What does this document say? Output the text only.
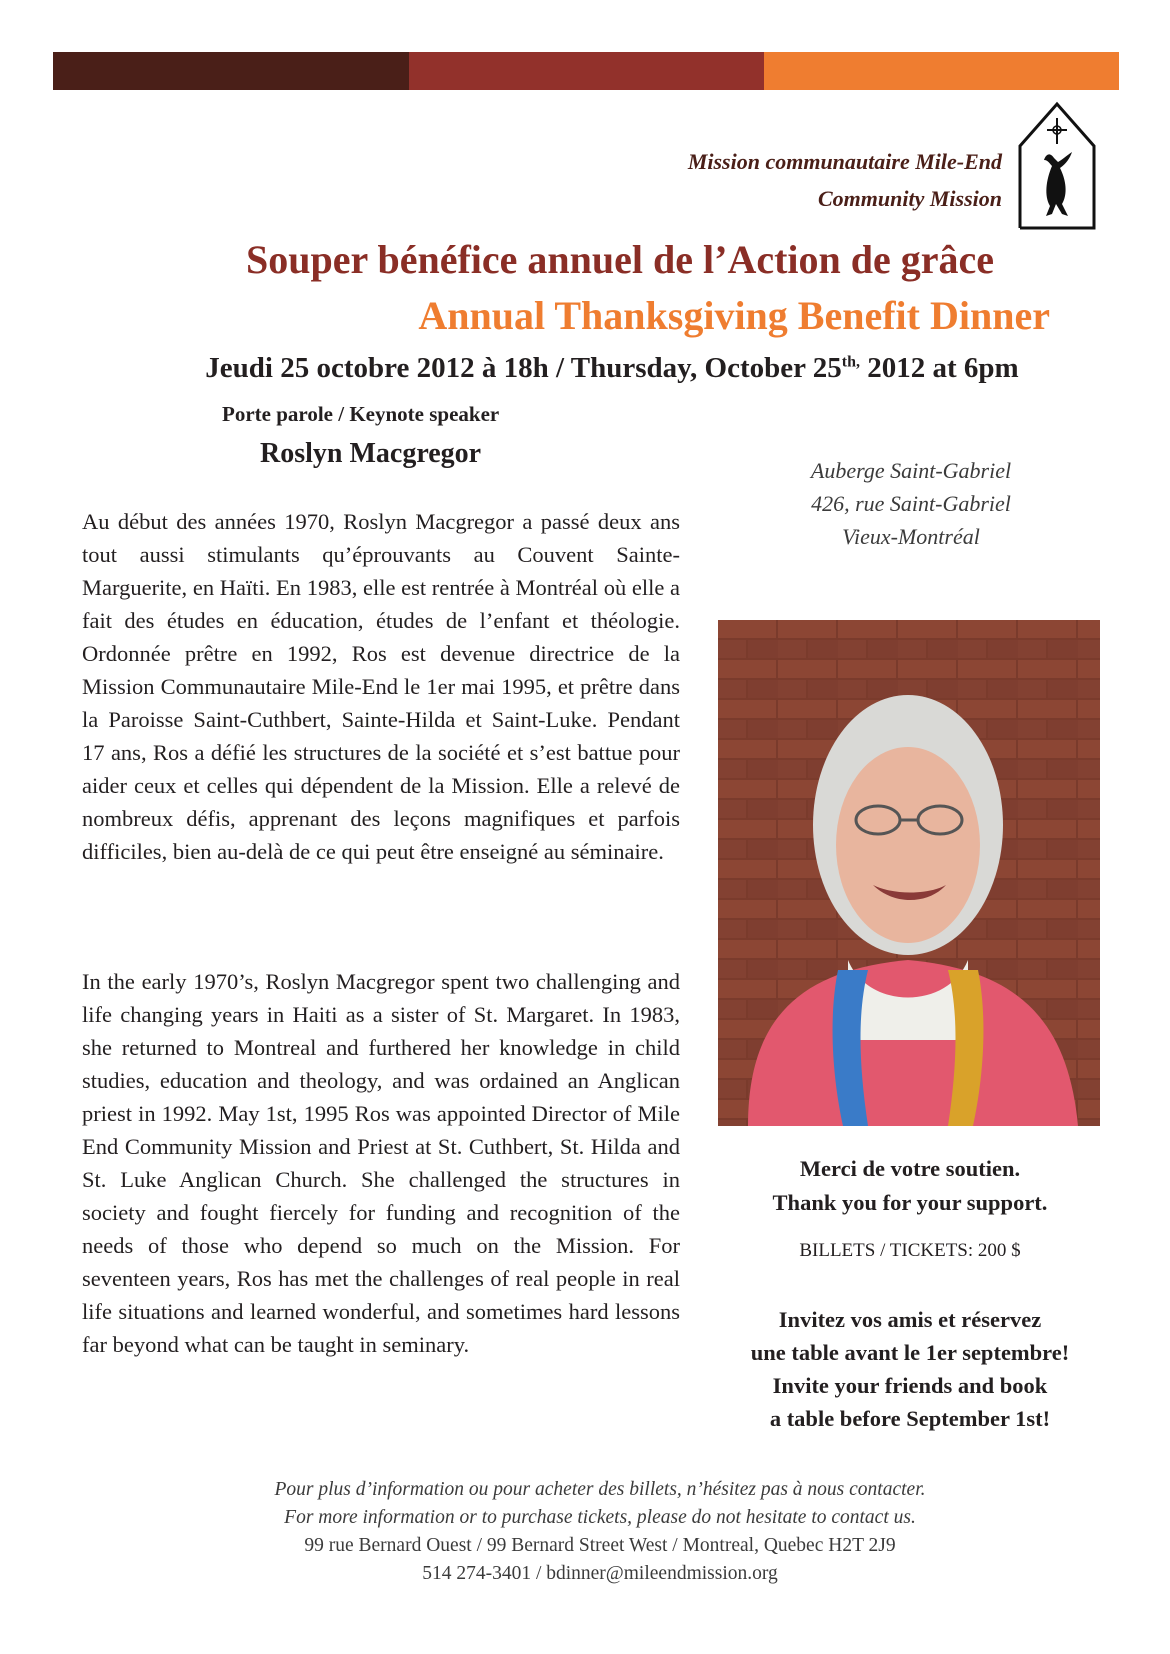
Mission communautaire Mile-End
Community Mission
Souper bénéfice annuel de l’Action de grâce
Annual Thanksgiving Benefit Dinner
Jeudi 25 octobre 2012 à 18h / Thursday, October $25^{th,}$ 2012 at 6pm
Porte parole / Keynote speaker
Roslyn Macgregor
Auberge Saint-Gabriel
426, rue Saint-Gabriel
Vieux-Montréal
Au début des années 1970, Roslyn Macgregor a passé deux ans tout aussi stimulants qu’éprouvants au Couvent Sainte-Marguerite, en Haïti. En 1983, elle est rentrée à Montréal où elle a fait des études en éducation, études de l’enfant et théologie. Ordonnée prêtre en 1992, Ros est devenue directrice de la Mission Communautaire Mile-End le 1er mai 1995, et prêtre dans la Paroisse Saint-Cuthbert, Sainte-Hilda et Saint-Luke. Pendant 17 ans, Ros a défié les structures de la société et s’est battue pour aider ceux et celles qui dépendent de la Mission. Elle a relevé de nombreux défis, apprenant des leçons magnifiques et parfois difficiles, bien au-delà de ce qui peut être enseigné au séminaire.
In the early 1970’s, Roslyn Macgregor spent two challenging and life changing years in Haiti as a sister of St. Margaret. In 1983, she returned to Montreal and furthered her knowledge in child studies, education and theology, and was ordained an Anglican priest in 1992. May 1st, 1995 Ros was appointed Director of Mile End Community Mission and Priest at St. Cuthbert, St. Hilda and St. Luke Anglican Church. She challenged the structures in society and fought fiercely for funding and recognition of the needs of those who depend so much on the Mission. For seventeen years, Ros has met the challenges of real people in real life situations and learned wonderful, and sometimes hard lessons far beyond what can be taught in seminary.
Merci de votre soutien.
Thank you for your support.
BILLETS / TICKETS: 200 $
Invitez vos amis et réservez
une table avant le 1er septembre!
Invite your friends and book
a table before September 1st!
Pour plus d’information ou pour acheter des billets, n’hésitez pas à nous contacter.
For more information or to purchase tickets, please do not hesitate to contact us.
99 rue Bernard Ouest / 99 Bernard Street West / Montreal, Quebec H2T 2J9
514 274-3401 / bdinner@mileendmission.org
